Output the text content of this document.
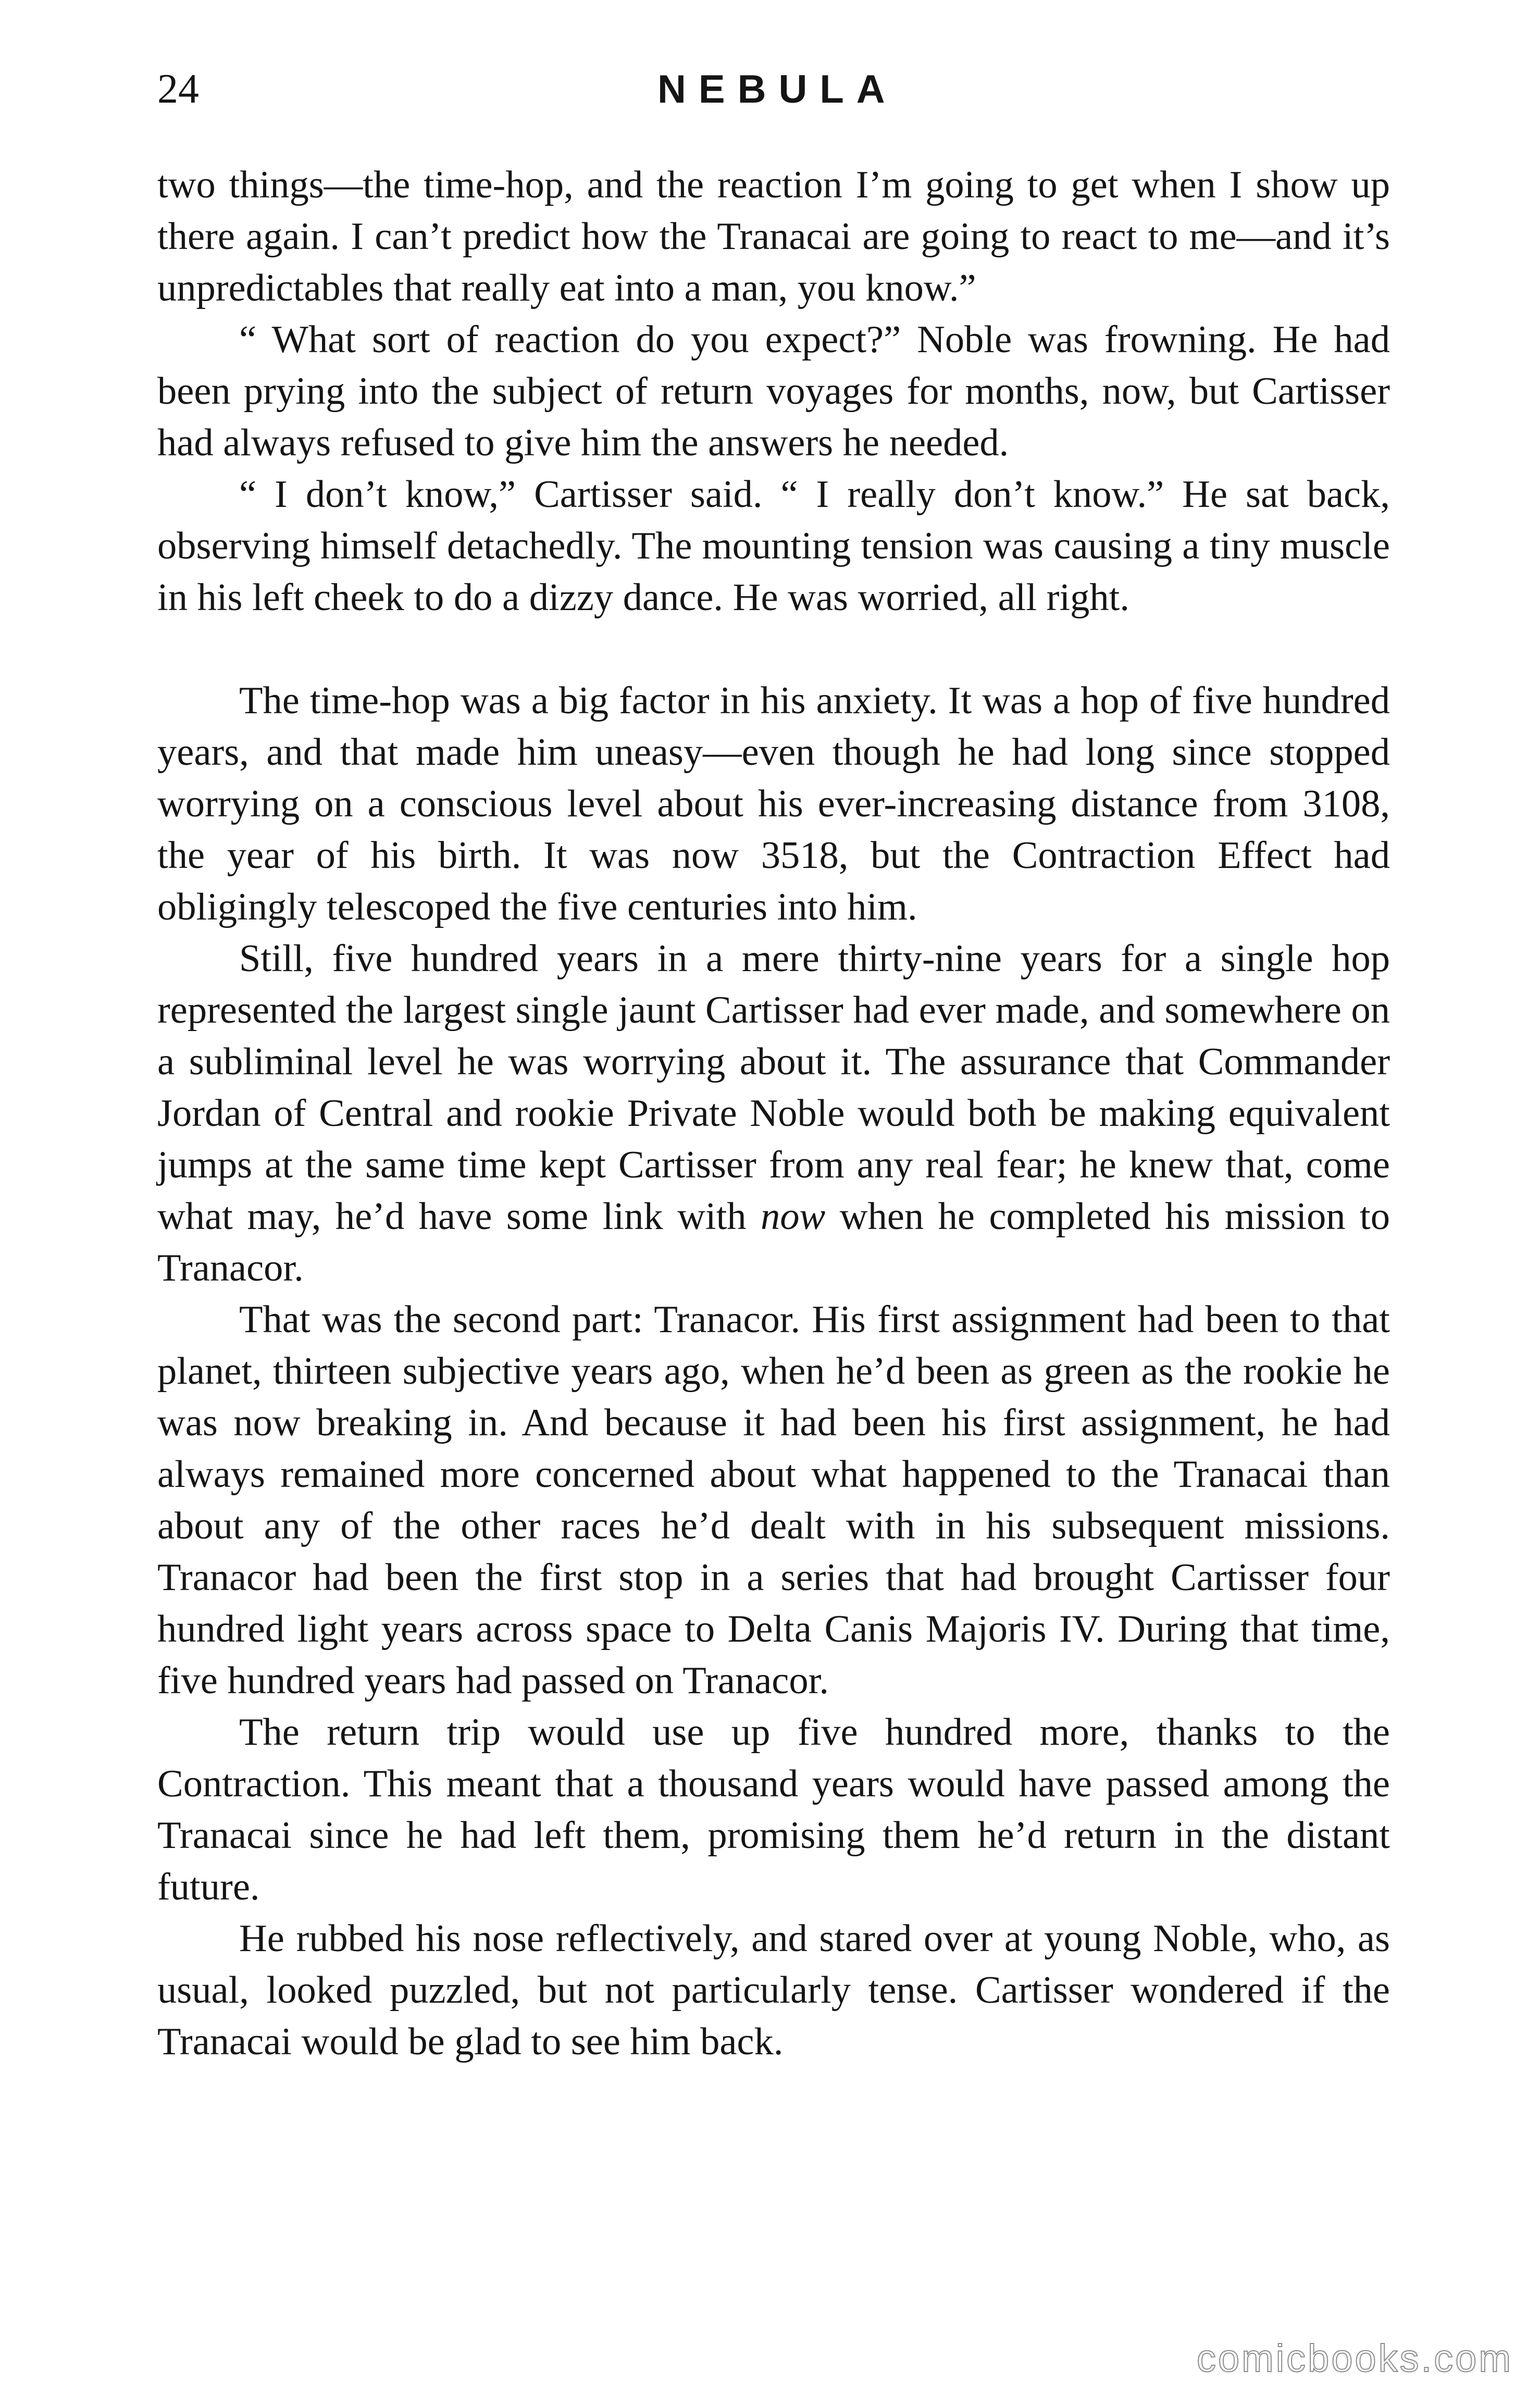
24	NEBULA

two things—the time-hop, and the reaction I’m going to get when I show up there again. I can’t predict how the Tranacai are going to react to me—and it’s unpredictables that really eat into a man, you know.”

“ What sort of reaction do you expect?” Noble was frowning. He had been prying into the subject of return voyages for months, now, but Cartisser had always refused to give him the answers he needed.

“ I don’t know,” Cartisser said. “ I really don’t know.” He sat back, observing himself detachedly. The mounting tension was causing a tiny muscle in his left cheek to do a dizzy dance. He was worried, all right.

The time-hop was a big factor in his anxiety. It was a hop of five hundred years, and that made him uneasy—even though he had long since stopped worrying on a conscious level about his ever-increasing distance from 3108, the year of his birth. It was now 3518, but the Contraction Effect had obligingly telescoped the five centuries into him.

Still, five hundred years in a mere thirty-nine years for a single hop represented the largest single jaunt Cartisser had ever made, and somewhere on a subliminal level he was worrying about it. The assurance that Commander Jordan of Central and rookie Private Noble would both be making equivalent jumps at the same time kept Cartisser from any real fear; he knew that, come what may, he’d have some link with now when he completed his mission to Tranacor.

That was the second part: Tranacor. His first assignment had been to that planet, thirteen subjective years ago, when he’d been as green as the rookie he was now breaking in. And because it had been his first assignment, he had always remained more concerned about what happened to the Tranacai than about any of the other races he’d dealt with in his subsequent missions. Tranacor had been the first stop in a series that had brought Cartisser four hundred light years across space to Delta Canis Majoris IV. During that time, five hundred years had passed on Tranacor.

The return trip would use up five hundred more, thanks to the Contraction. This meant that a thousand years would have passed among the Tranacai since he had left them, promising them he’d return in the distant future.

He rubbed his nose reflectively, and stared over at young Noble, who, as usual, looked puzzled, but not particularly tense. Cartisser wondered if the Tranacai would be glad to see him back.

comicbooks.com
